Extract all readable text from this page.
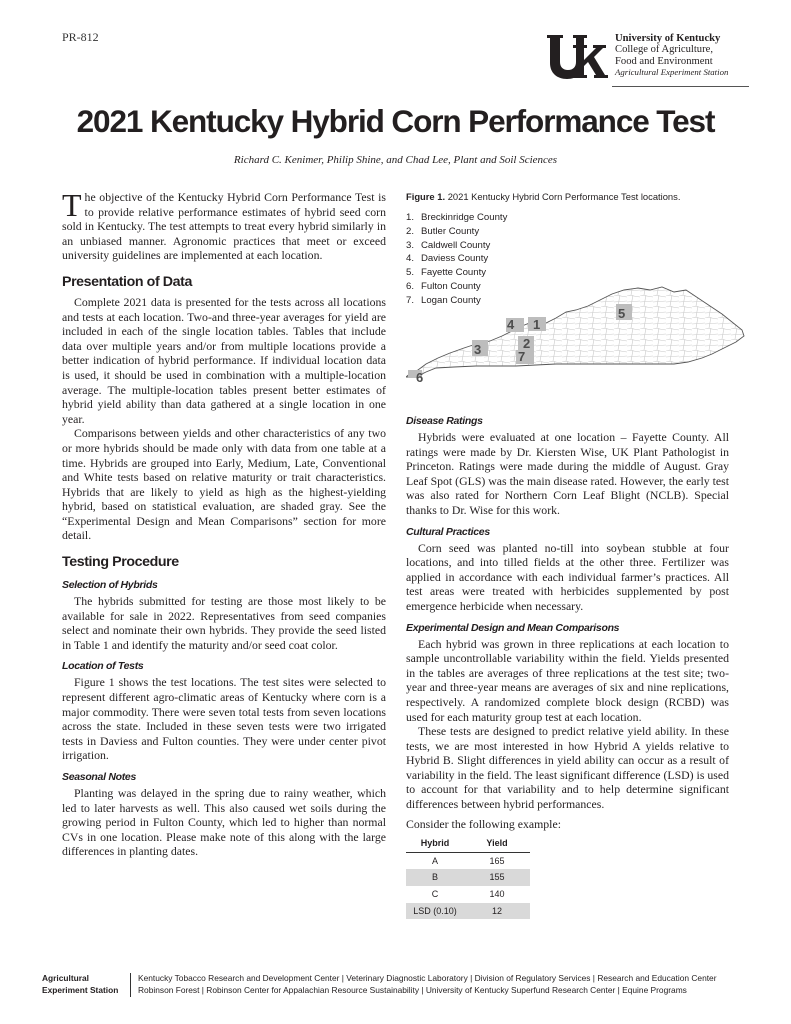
PR-812	UK	University of Kentucky
College of Agriculture,
Food and Environment
Agricultural Experiment Station
2021 Kentucky Hybrid Corn Performance Test
Richard C. Kenimer, Philip Shine, and Chad Lee, Plant and Soil Sciences

The objective of the Kentucky Hybrid Corn Performance Test is to provide relative performance estimates of hybrid seed corn sold in Kentucky. The test attempts to treat every hybrid similarly in an unbiased manner. Agronomic practices that meet or exceed university guidelines are implemented at each location.

Presentation of Data

Complete 2021 data is presented for the tests across all locations and tests at each location. Two-and three-year averages for yield are included in each of the single location tables. Tables that include data over multiple years and/or from multiple locations provide a better indication of hybrid performance. If individual location data is used, it should be used in combination with a multiple-location average. The multiple-location tables present better estimates of hybrid yield ability than data gathered at a single location in one year.

Comparisons between yields and other characteristics of any two or more hybrids should be made only with data from one table at a time. Hybrids are grouped into Early, Medium, Late, Conventional and White tests based on relative maturity or trait characteristics. Hybrids that are likely to yield as high as the highest-yielding hybrid, based on statistical evaluation, are shaded gray. See the “Experimental Design and Mean Comparisons” section for more detail.

Testing Procedure
Selection of Hybrids

The hybrids submitted for testing are those most likely to be available for sale in 2022. Representatives from seed companies select and nominate their own hybrids. They provide the seed listed in Table 1 and identify the maturity and/or seed coat color.

Location of Tests

Figure 1 shows the test locations. The test sites were selected to represent different agro-climatic areas of Kentucky where corn is a major commodity. There were seven total tests from seven locations across the state. Included in these seven tests were two irrigated tests in Daviess and Fulton counties. They were under center pivot irrigation.

Seasonal Notes

Planting was delayed in the spring due to rainy weather, which led to later harvests as well. This also caused wet soils during the growing period in Fulton County, which led to higher than normal CVs in one location. Please make note of this along with the large differences in planting dates.

Figure 1. 2021 Kentucky Hybrid Corn Performance Test locations.
1. Breckinridge County
2. Butler County
3. Caldwell County
4. Daviess County
5. Fayette County
6. Fulton County
7. Logan County
1
2
3
4
5
6
7
Disease Ratings

Hybrids were evaluated at one location – Fayette County. All ratings were made by Dr. Kiersten Wise, UK Plant Pathologist in Princeton. Ratings were made during the middle of August. Gray Leaf Spot (GLS) was the main disease rated. However, the early test was also rated for Northern Corn Leaf Blight (NCLB). Special thanks to Dr. Wise for this work.

Cultural Practices

Corn seed was planted no-till into soybean stubble at four locations, and into tilled fields at the other three. Fertilizer was applied in accordance with each individual farmer’s practices. All test areas were treated with herbicides supplemented by post emergence herbicide when necessary.

Experimental Design and Mean Comparisons

Each hybrid was grown in three replications at each location to sample uncontrollable variability within the field. Yields presented in the tables are averages of three replications at the test site; two-year and three-year means are averages of six and nine replications, respectively. A randomized complete block design (RCBD) was used for each maturity group test at each location.

These tests are designed to predict relative yield ability. In these tests, we are most interested in how Hybrid A yields relative to Hybrid B. Slight differences in yield ability can occur as a result of variability in the field. The least significant difference (LSD) is used to account for that variability and to help determine significant differences between hybrid performances.

Consider the following example:

Hybrid	Yield
A	165
B	155
C	140
LSD (0.10)	12
Agricultural
Experiment Station
Kentucky Tobacco Research and Development Center | Veterinary Diagnostic Laboratory | Division of Regulatory Services | Research and Education Center
Robinson Forest | Robinson Center for Appalachian Resource Sustainability | University of Kentucky Superfund Research Center | Equine Programs
